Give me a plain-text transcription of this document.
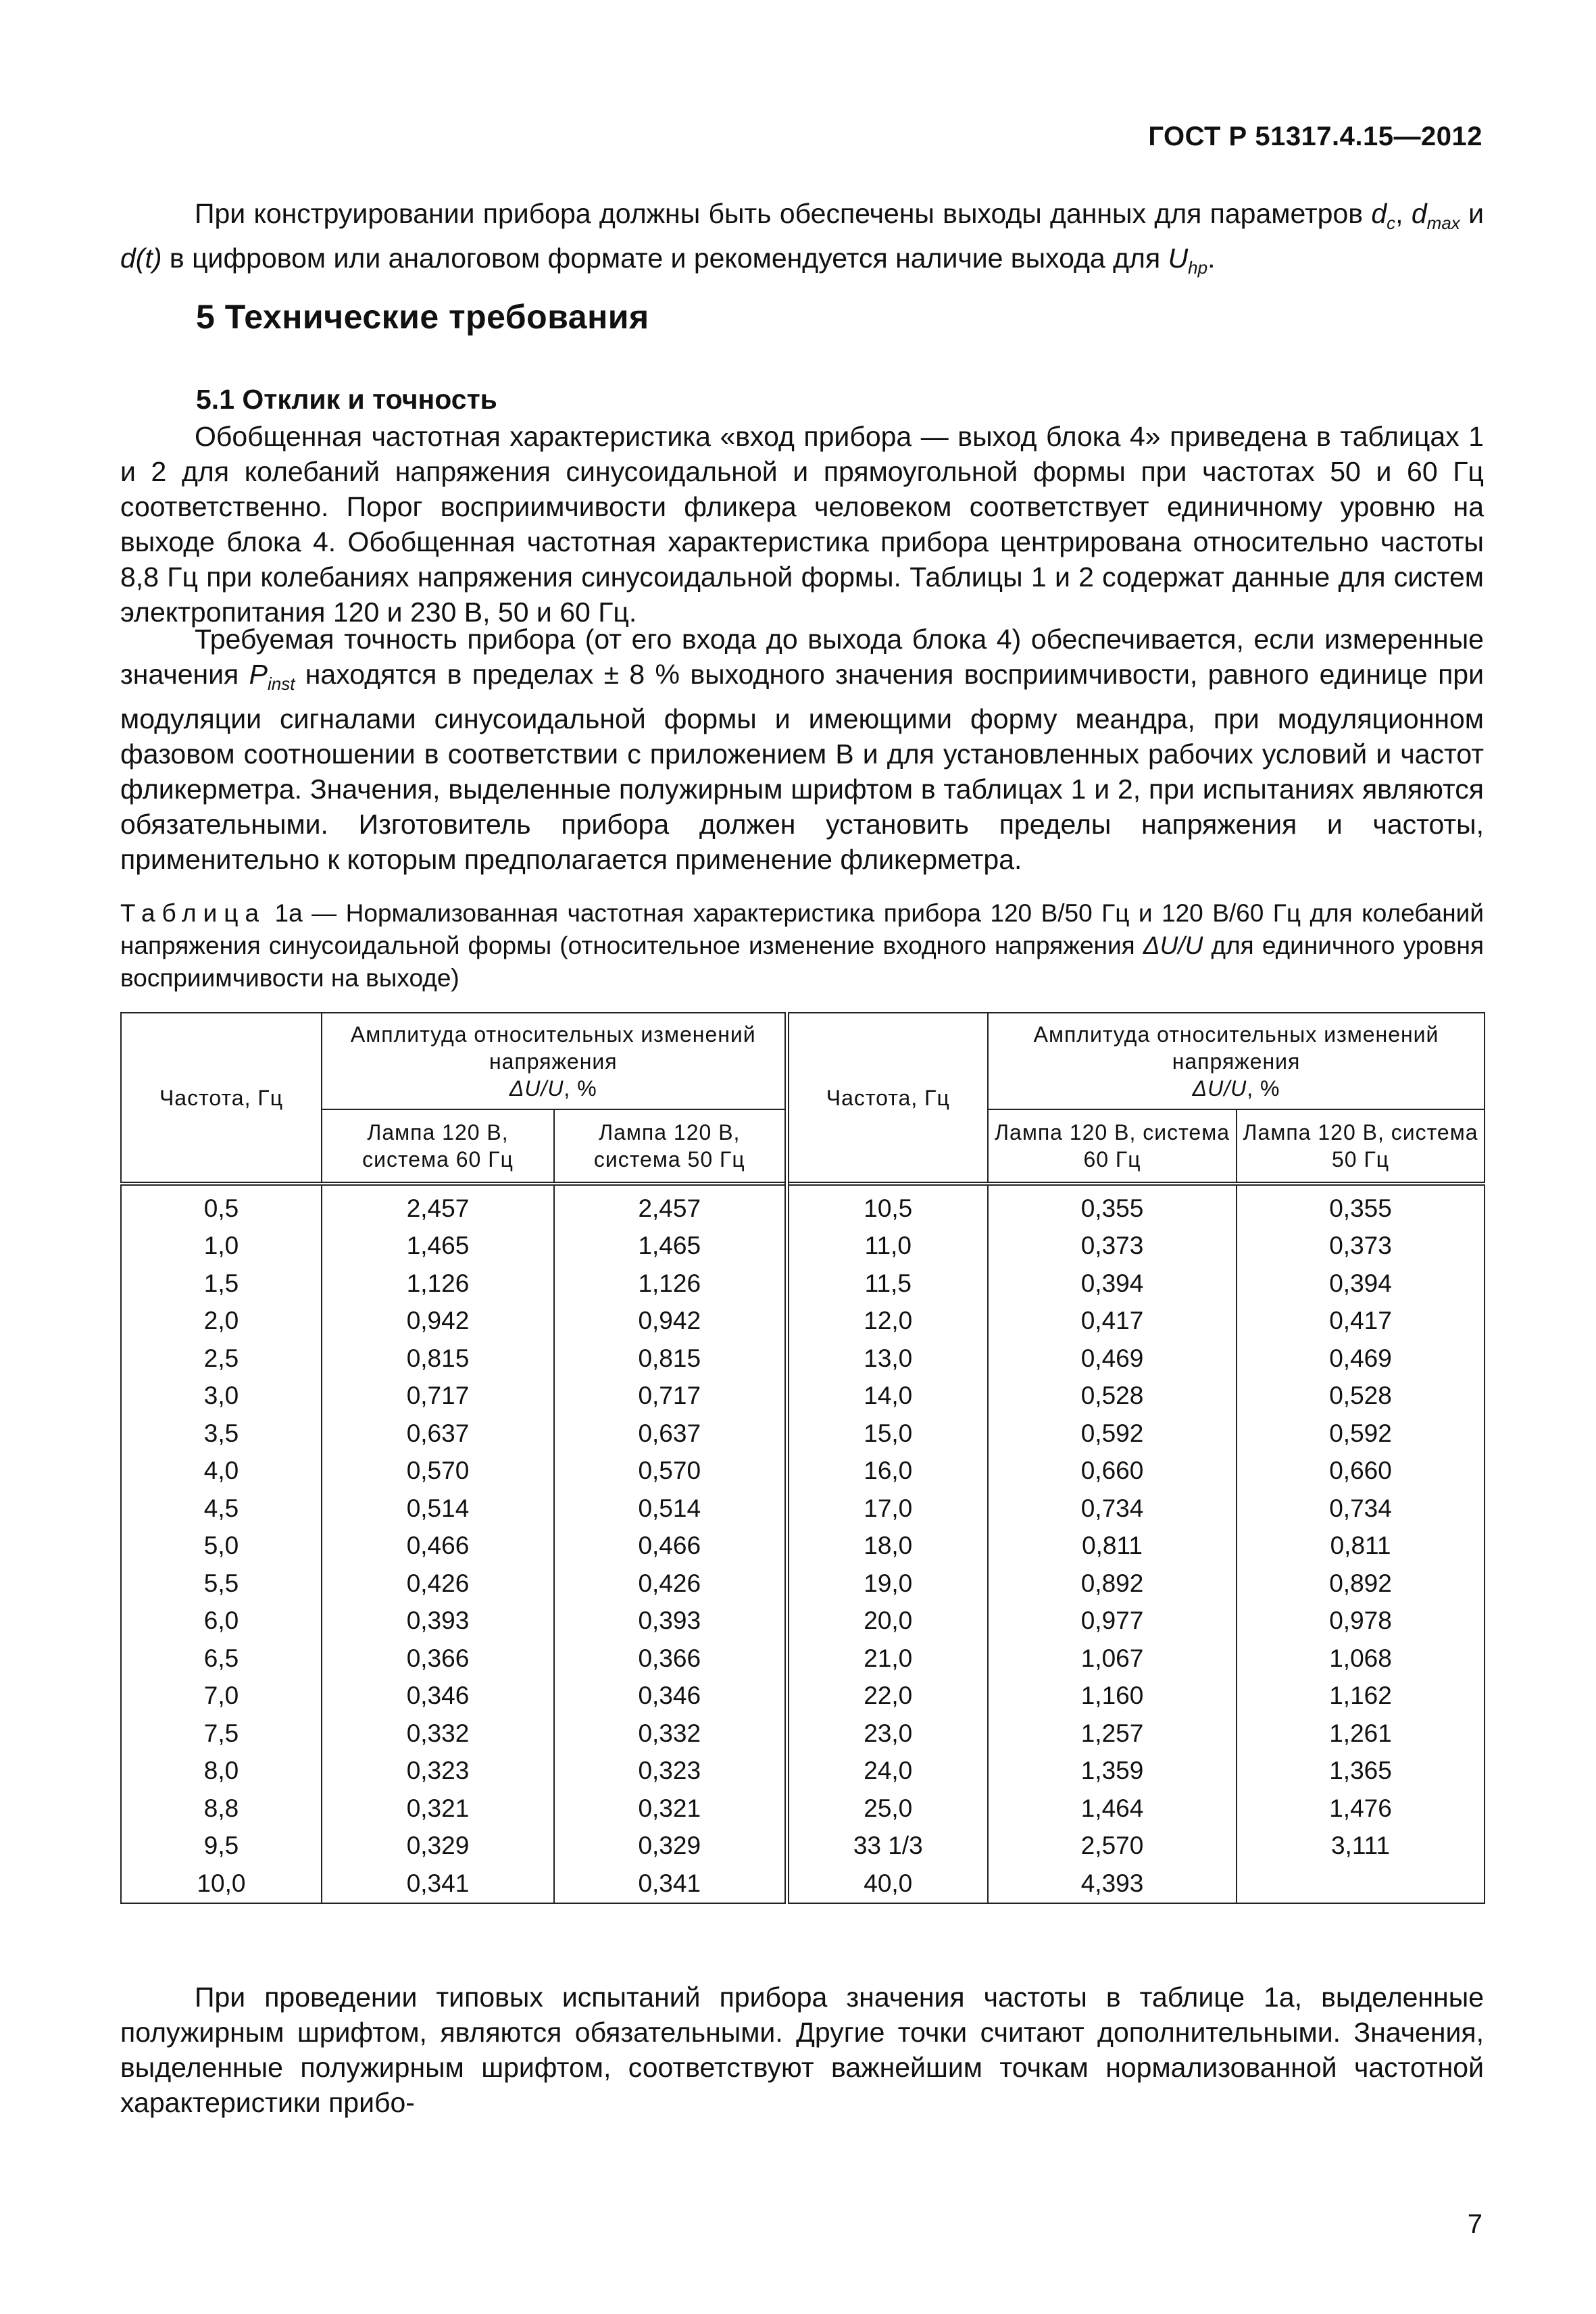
ГОСТ Р 51317.4.15—2012

При конструировании прибора должны быть обеспечены выходы данных для параметров $d_c$, $d_{max}$ и d(t) в цифровом или аналоговом формате и рекомендуется наличие выхода для $U_{hp}$.

5 Технические требования
5.1 Отклик и точность

Обобщенная частотная характеристика «вход прибора — выход блока 4» приведена в таблицах 1 и 2 для колебаний напряжения синусоидальной и прямоугольной формы при частотах 50 и 60 Гц соответственно. Порог восприимчивости фликера человеком соответствует единичному уровню на выходе блока 4. Обобщенная частотная характеристика прибора центрирована относительно частоты 8,8 Гц при колебаниях напряжения синусоидальной формы. Таблицы 1 и 2 содержат данные для систем электропитания 120 и 230 В, 50 и 60 Гц.

Требуемая точность прибора (от его входа до выхода блока 4) обеспечивается, если измеренные значения $P_{inst}$ находятся в пределах ± 8 % выходного значения восприимчивости, равного единице при модуляции сигналами синусоидальной формы и имеющими форму меандра, при модуляционном фазовом соотношении в соответствии с приложением В и для установленных рабочих условий и частот фликерметра. Значения, выделенные полужирным шрифтом в таблицах 1 и 2, при испытаниях являются обязательными. Изготовитель прибора должен установить пределы напряжения и частоты, применительно к которым предполагается применение фликерметра.

Таблица 1а — Нормализованная частотная характеристика прибора 120 В/50 Гц и 120 В/60 Гц для колебаний напряжения синусоидальной формы (относительное изменение входного напряжения ΔU/U для единичного уровня восприимчивости на выходе)
Частота, Гц	Амплитуда относительных изменений напряжения
ΔU/U, %		Частота, Гц	Амплитуда относительных изменений напряжения
ΔU/U, %	
	Лампа 120 В, система 60 Гц	Лампа 120 В, система 50 Гц		Лампа 120 В, система 60 Гц	Лампа 120 В, система 50 Гц
0,5	2,457	2,457	10,5	0,355	0,355
1,0	1,465	1,465	11,0	0,373	0,373
1,5	1,126	1,126	11,5	0,394	0,394
2,0	0,942	0,942	12,0	0,417	0,417
2,5	0,815	0,815	13,0	0,469	0,469
3,0	0,717	0,717	14,0	0,528	0,528
3,5	0,637	0,637	15,0	0,592	0,592
4,0	0,570	0,570	16,0	0,660	0,660
4,5	0,514	0,514	17,0	0,734	0,734
5,0	0,466	0,466	18,0	0,811	0,811
5,5	0,426	0,426	19,0	0,892	0,892
6,0	0,393	0,393	20,0	0,977	0,978
6,5	0,366	0,366	21,0	1,067	1,068
7,0	0,346	0,346	22,0	1,160	1,162
7,5	0,332	0,332	23,0	1,257	1,261
8,0	0,323	0,323	24,0	1,359	1,365
8,8	0,321	0,321	25,0	1,464	1,476
9,5	0,329	0,329	33 1/3	2,570	3,111
10,0	0,341	0,341	40,0	4,393	

При проведении типовых испытаний прибора значения частоты в таблице 1а, выделенные полужирным шрифтом, являются обязательными. Другие точки считают дополнительными. Значения, выделенные полужирным шрифтом, соответствуют важнейшим точкам нормализованной частотной характеристики прибо-

7
